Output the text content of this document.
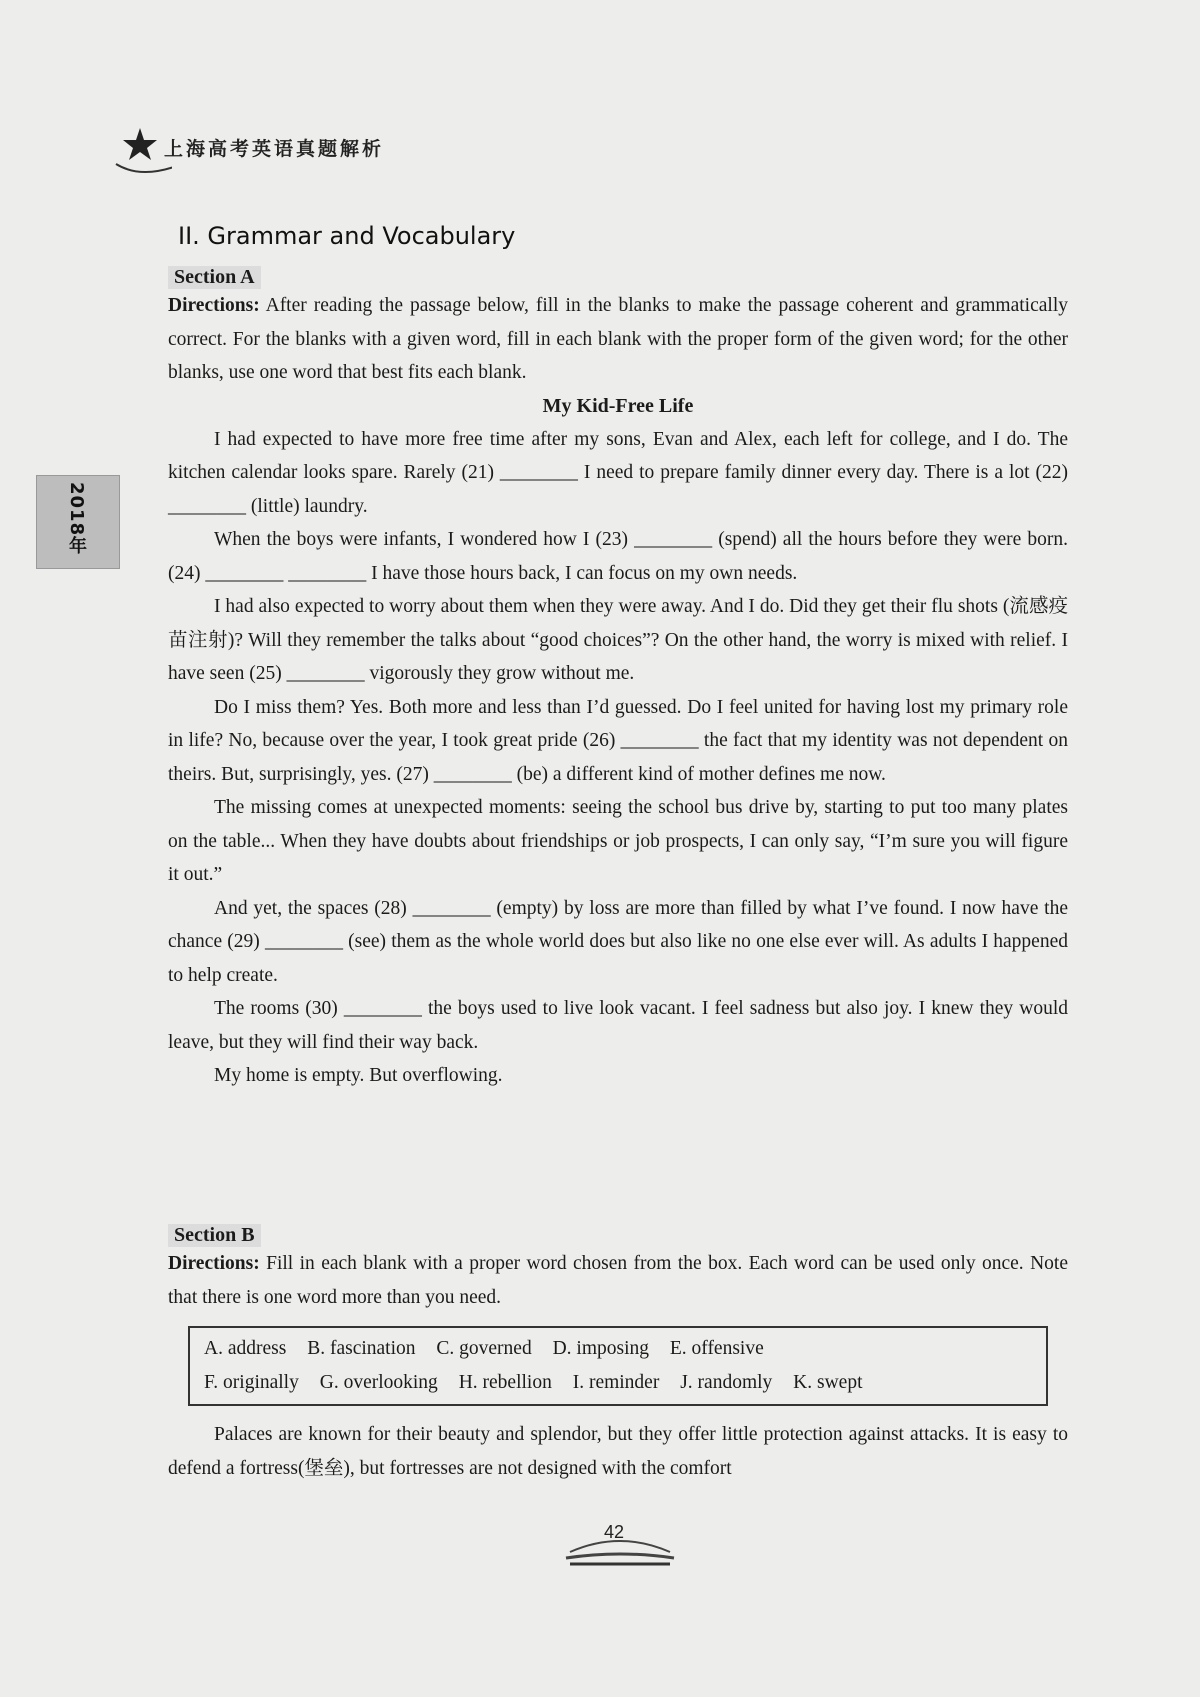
上海高考英语真题解析
2018年
II. Grammar and Vocabulary
Section A

Directions: After reading the passage below, fill in the blanks to make the passage coherent and grammatically correct. For the blanks with a given word, fill in each blank with the proper form of the given word; for the other blanks, use one word that best fits each blank.

My Kid-Free Life

I had expected to have more free time after my sons, Evan and Alex, each left for college, and I do. The kitchen calendar looks spare. Rarely (21) ________ I need to prepare family dinner every day. There is a lot (22) ________ (little) laundry.

When the boys were infants, I wondered how I (23) ________ (spend) all the hours before they were born. (24) ________ ________ I have those hours back, I can focus on my own needs.

I had also expected to worry about them when they were away. And I do. Did they get their flu shots (流感疫苗注射)? Will they remember the talks about “good choices”? On the other hand, the worry is mixed with relief. I have seen (25) ________ vigorously they grow without me.

Do I miss them? Yes. Both more and less than I’d guessed. Do I feel united for having lost my primary role in life? No, because over the year, I took great pride (26) ________ the fact that my identity was not dependent on theirs. But, surprisingly, yes. (27) ________ (be) a different kind of mother defines me now.

The missing comes at unexpected moments: seeing the school bus drive by, starting to put too many plates on the table... When they have doubts about friendships or job prospects, I can only say, “I’m sure you will figure it out.”

And yet, the spaces (28) ________ (empty) by loss are more than filled by what I’ve found. I now have the chance (29) ________ (see) them as the whole world does but also like no one else ever will. As adults I happened to help create.

The rooms (30) ________ the boys used to live look vacant. I feel sadness but also joy. I knew they would leave, but they will find their way back.

My home is empty. But overflowing.

Section B

Directions: Fill in each blank with a proper word chosen from the box. Each word can be used only once. Note that there is one word more than you need.

A. address B. fascination C. governed D. imposing E. offensive
F. originally G. overlooking H. rebellion I. reminder J. randomly K. swept

Palaces are known for their beauty and splendor, but they offer little protection against attacks. It is easy to defend a fortress(堡垒), but fortresses are not designed with the comfort

42
